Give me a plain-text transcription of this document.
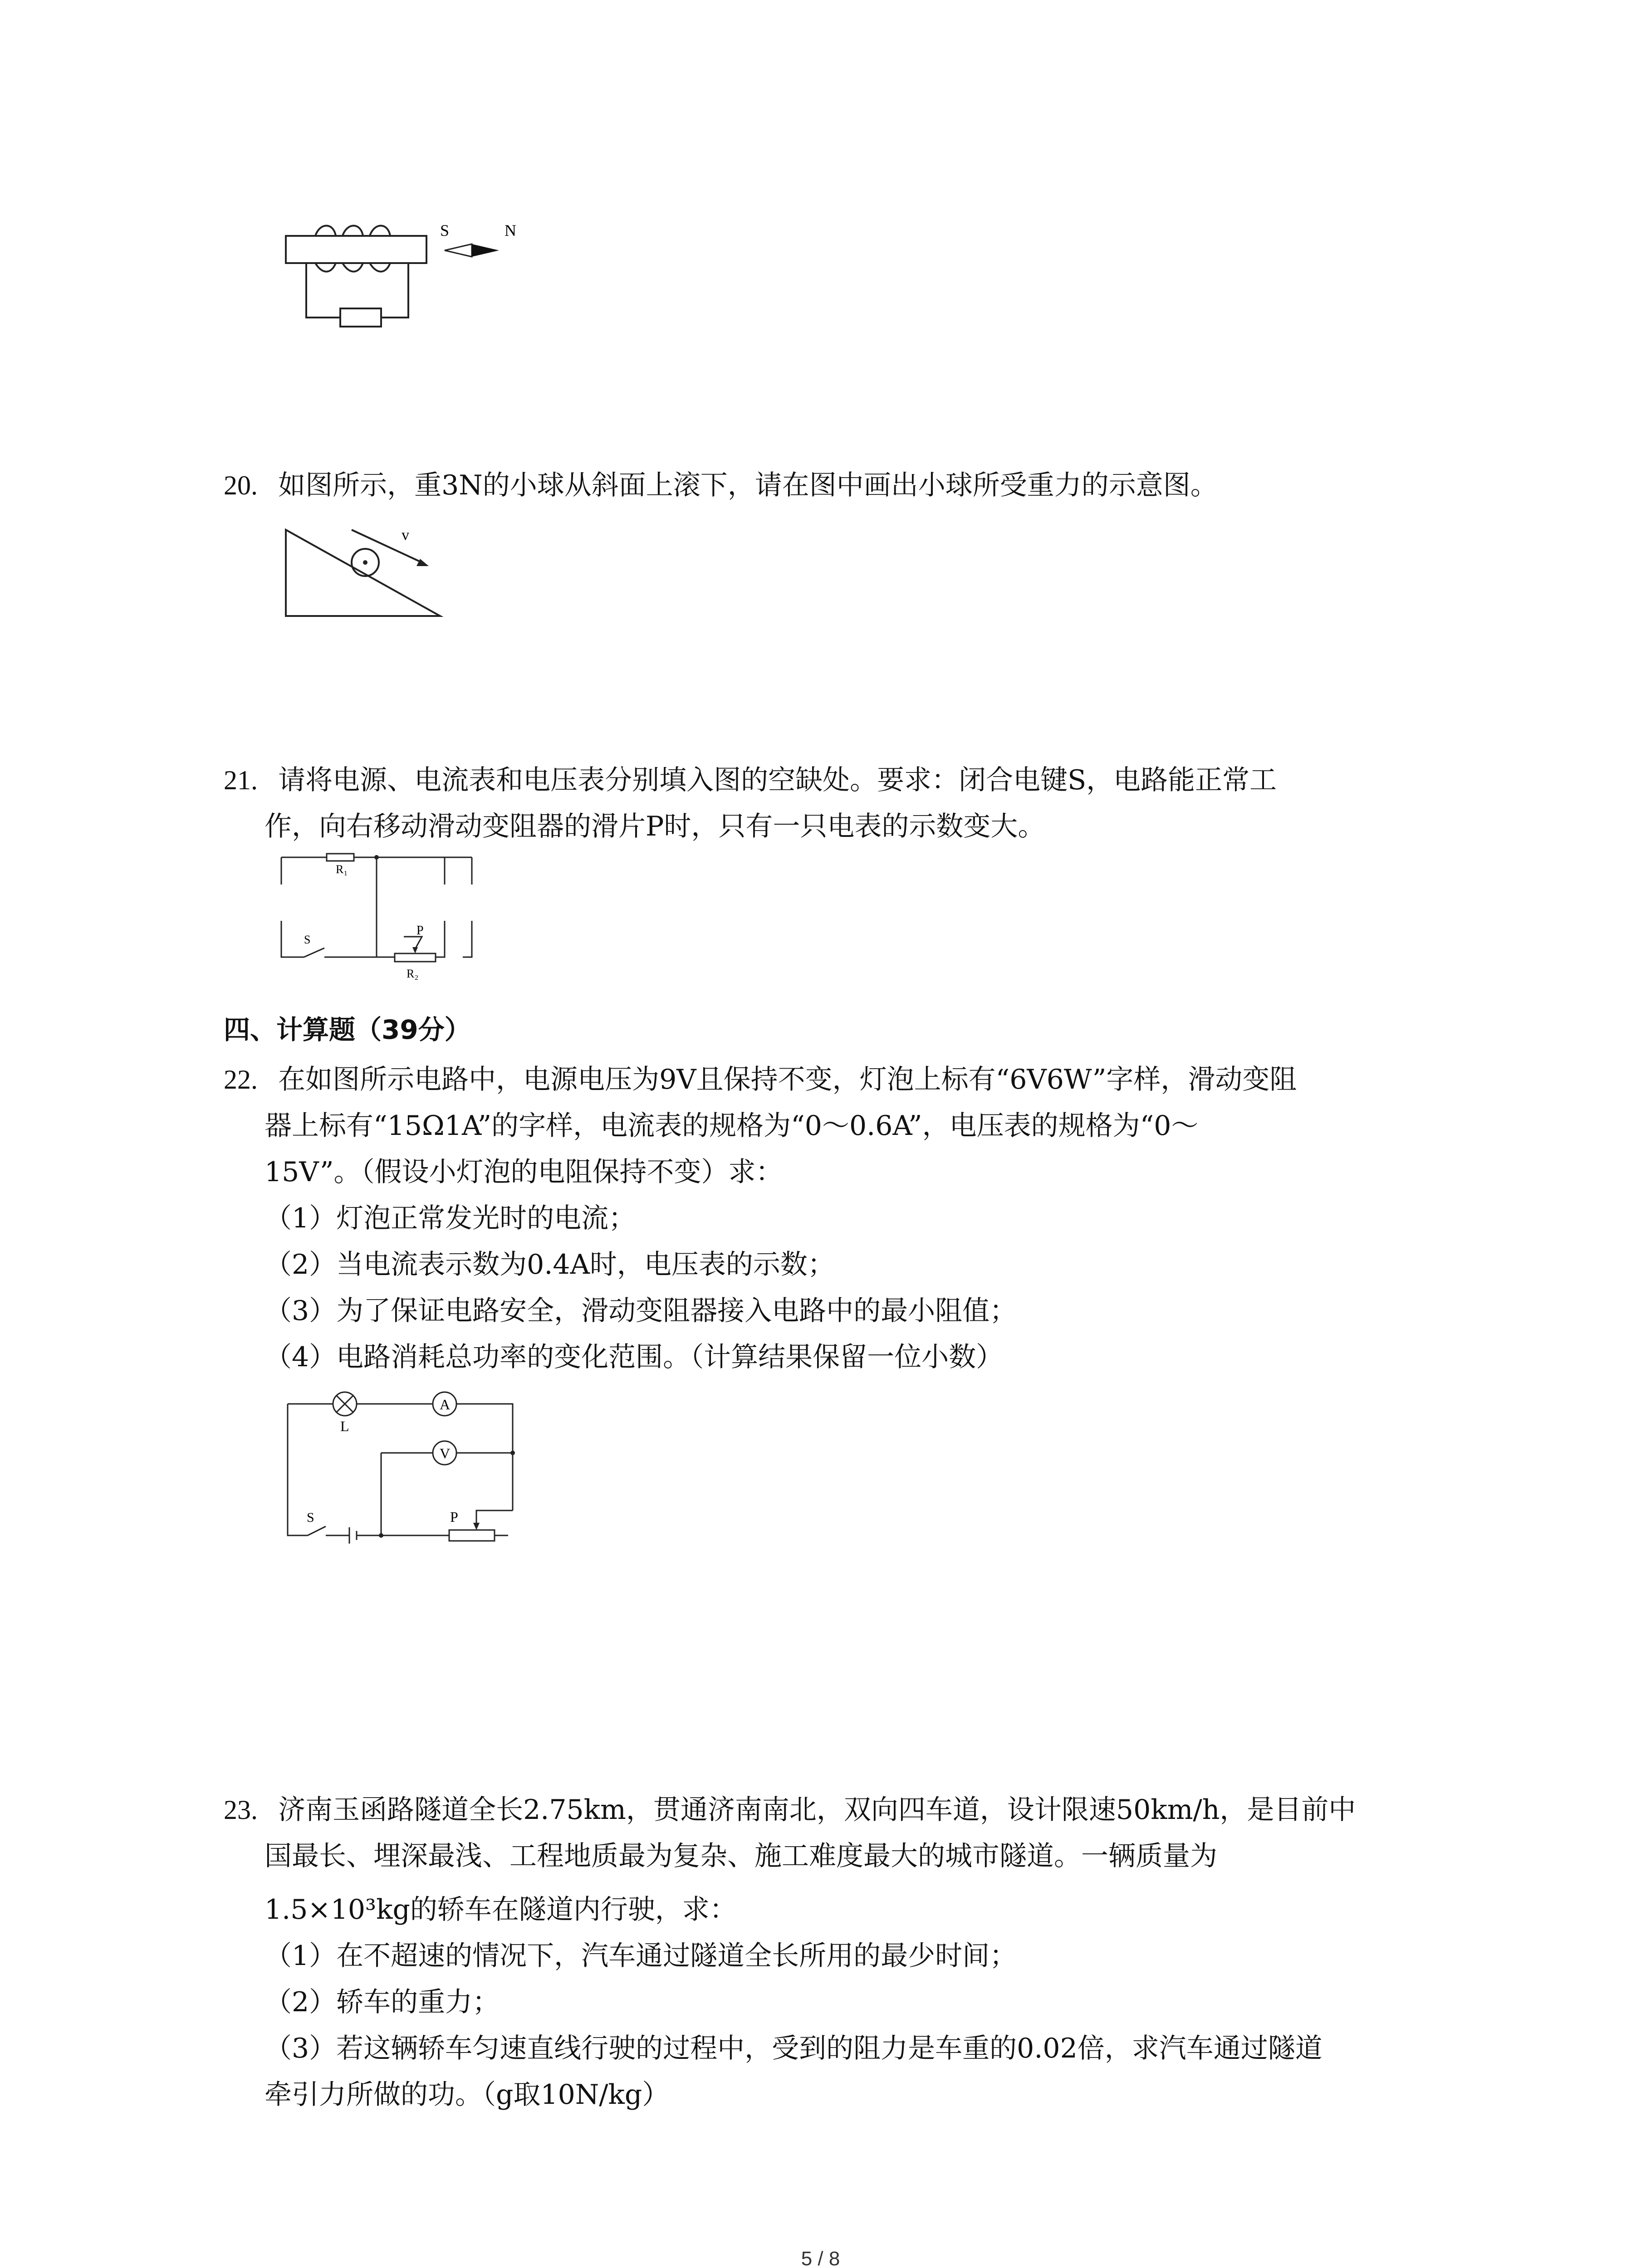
S	N
20. 如图所示，重3N的小球从斜面上滚下，请在图中画出小球所受重力的示意图。
v
21. 请将电源、电流表和电压表分别填入图的空缺处。要求：闭合电键S，电路能正常工
作，向右移动滑动变阻器的滑片P时，只有一只电表的示数变大。
R₁
S
P
R₂
四、计算题（39分）
22. 在如图所示电路中，电源电压为9V且保持不变，灯泡上标有“6V6W”字样，滑动变阻
器上标有“15Ω1A”的字样，电流表的规格为“0～0.6A”，电压表的规格为“0～
15V”。（假设小灯泡的电阻保持不变）求：
（1）灯泡正常发光时的电流；
（2）当电流表示数为0.4A时，电压表的示数；
（3）为了保证电路安全，滑动变阻器接入电路中的最小阻值；
（4）电路消耗总功率的变化范围。（计算结果保留一位小数）
L
A
V
S	P
23. 济南玉函路隧道全长2.75km，贯通济南南北，双向四车道，设计限速50km/h，是目前中
国最长、埋深最浅、工程地质最为复杂、施工难度最大的城市隧道。一辆质量为
1.5×10³kg的轿车在隧道内行驶，求：
（1）在不超速的情况下，汽车通过隧道全长所用的最少时间；
（2）轿车的重力；
（3）若这辆轿车匀速直线行驶的过程中，受到的阻力是车重的0.02倍，求汽车通过隧道
牵引力所做的功。（g取10N/kg）
5 / 8
